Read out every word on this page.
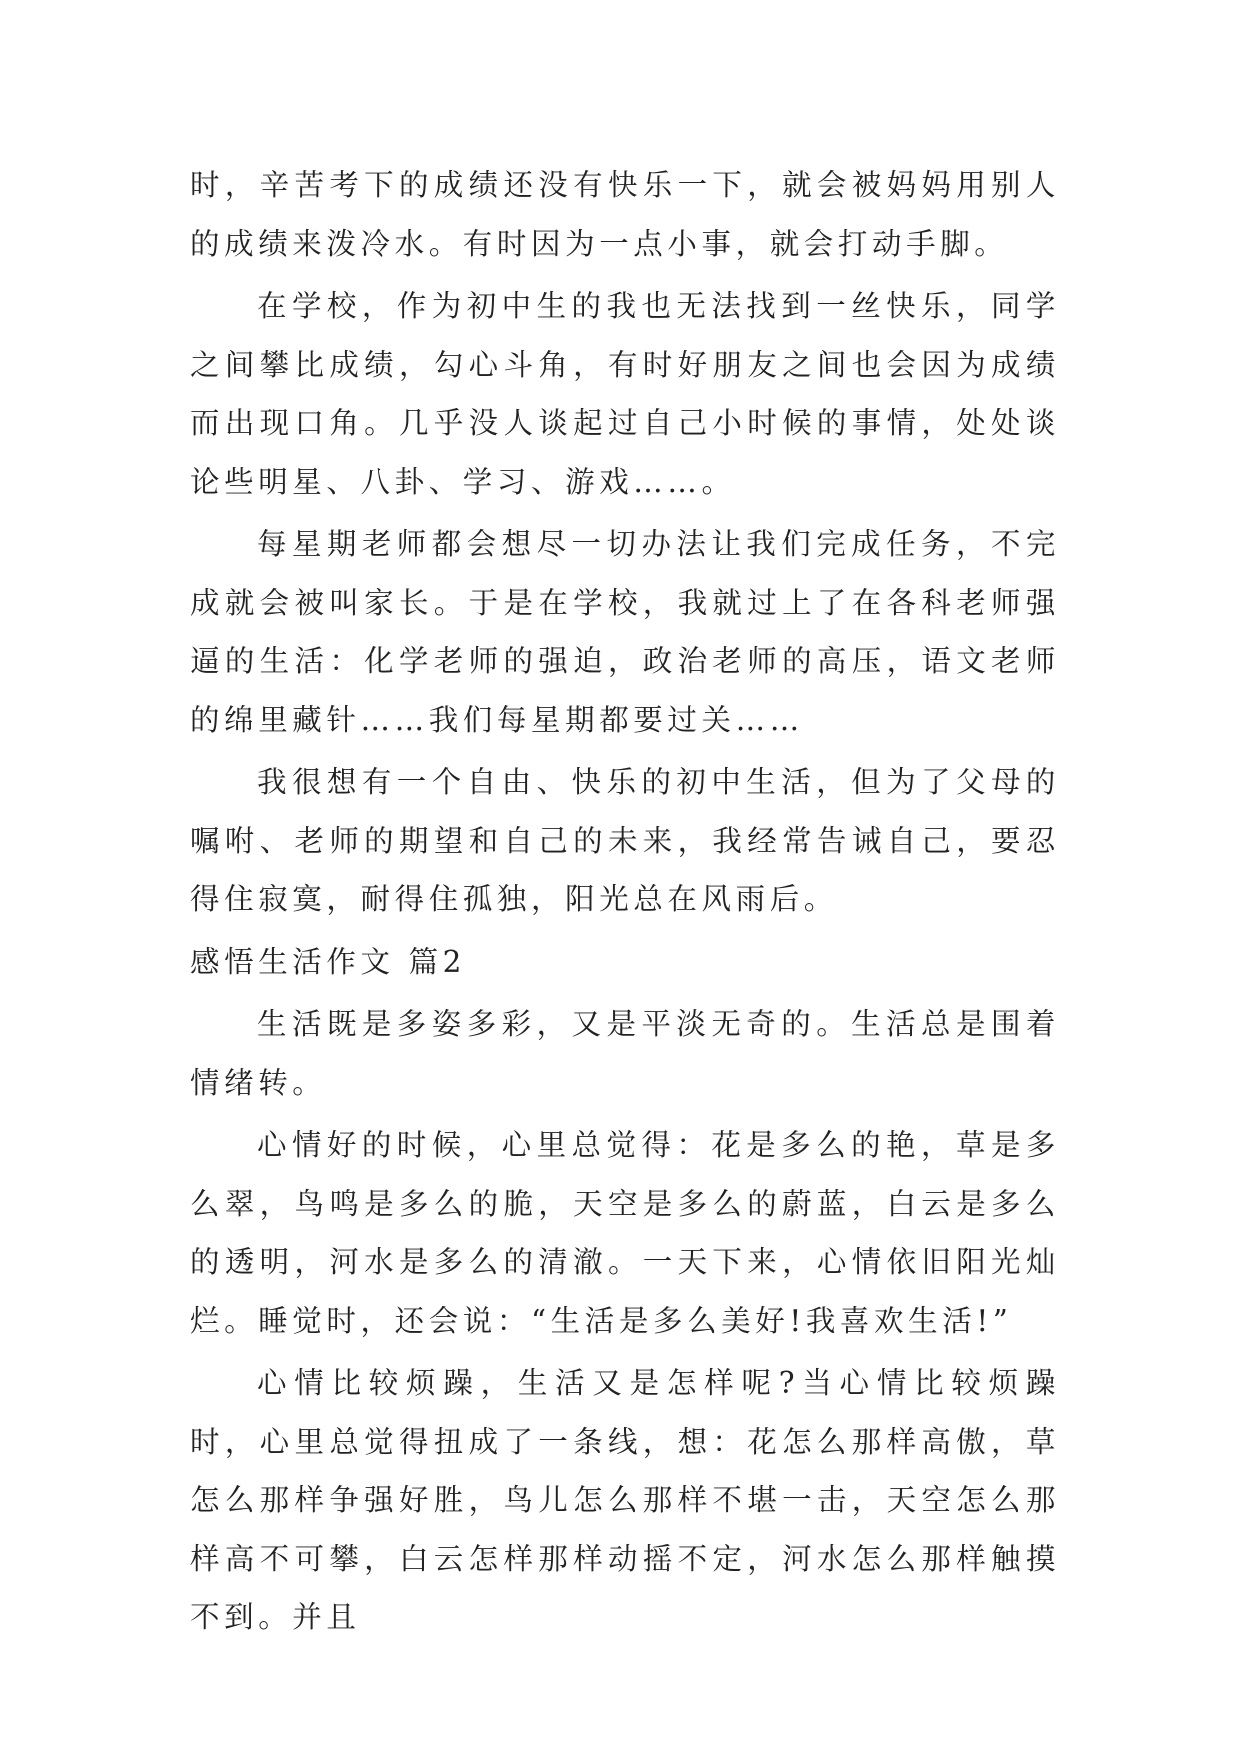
时，辛苦考下的成绩还没有快乐一下，就会被妈妈用别人的成绩来泼冷水。有时因为一点小事，就会打动手脚。

在学校，作为初中生的我也无法找到一丝快乐，同学之间攀比成绩，勾心斗角，有时好朋友之间也会因为成绩而出现口角。几乎没人谈起过自己小时候的事情，处处谈论些明星、八卦、学习、游戏……。

每星期老师都会想尽一切办法让我们完成任务，不完成就会被叫家长。于是在学校，我就过上了在各科老师强逼的生活：化学老师的强迫，政治老师的高压，语文老师的绵里藏针……我们每星期都要过关……

我很想有一个自由、快乐的初中生活，但为了父母的嘱咐、老师的期望和自己的未来，我经常告诫自己，要忍得住寂寞，耐得住孤独，阳光总在风雨后。

感悟生活作文 篇2

生活既是多姿多彩，又是平淡无奇的。生活总是围着情绪转。

心情好的时候，心里总觉得：花是多么的艳，草是多么翠，鸟鸣是多么的脆，天空是多么的蔚蓝，白云是多么的透明，河水是多么的清澈。一天下来，心情依旧阳光灿烂。睡觉时，还会说：“生活是多么美好!我喜欢生活!”

心情比较烦躁，生活又是怎样呢?当心情比较烦躁时，心里总觉得扭成了一条线，想：花怎么那样高傲，草怎么那样争强好胜，鸟儿怎么那样不堪一击，天空怎么那样高不可攀，白云怎样那样动摇不定，河水怎么那样触摸不到。并且
